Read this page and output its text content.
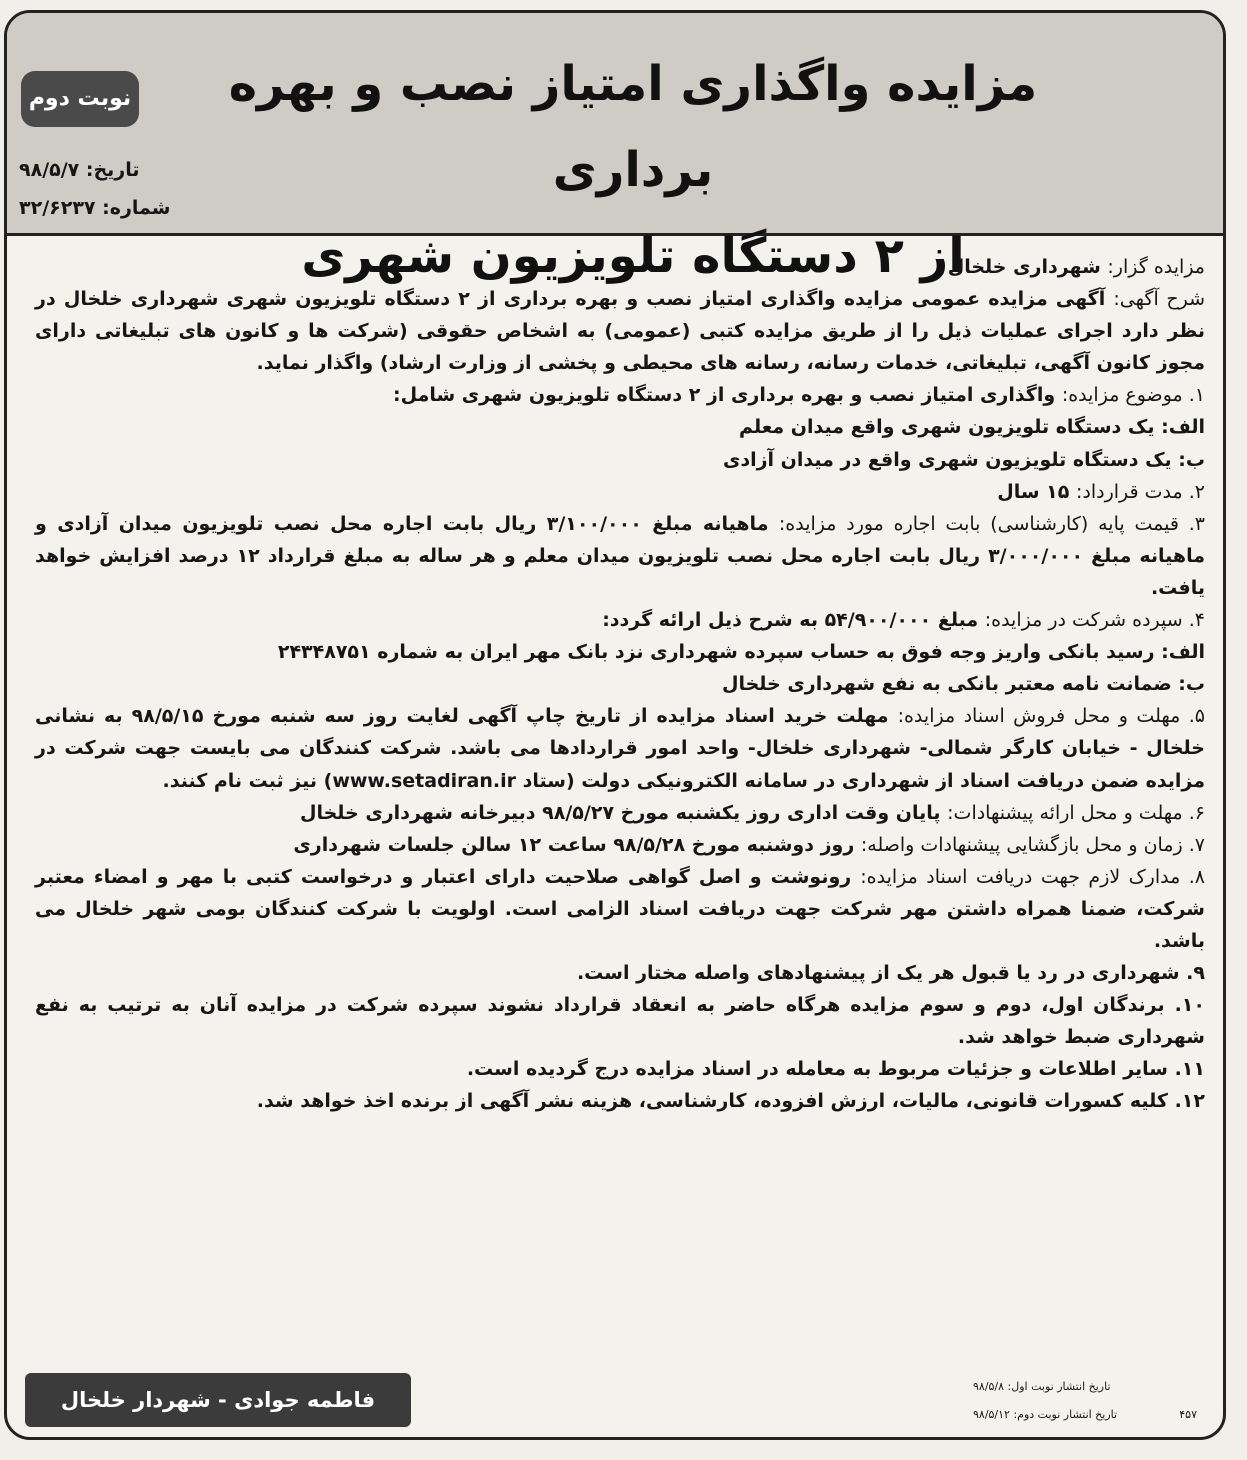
نوبت دوم	مزایده واگذاری امتیاز نصب و بهره برداری
از ۲ دستگاه تلویزیون شهری
تاریخ: ۹۸/۵/۷
شماره: ۳۲/۶۲۳۷

مزایده گزار: شهرداری خلخال

شرح آگهی: آگهی مزایده عمومی مزایده واگذاری امتیاز نصب و بهره برداری از ۲ دستگاه تلویزیون شهری شهرداری خلخال در نظر دارد اجرای عملیات ذیل را از طریق مزایده کتبی (عمومی) به اشخاص حقوقی (شرکت ها و کانون های تبلیغاتی دارای مجوز کانون آگهی، تبلیغاتی، خدمات رسانه، رسانه های محیطی و پخشی از وزارت ارشاد) واگذار نماید.

۱. موضوع مزایده: واگذاری امتیاز نصب و بهره برداری از ۲ دستگاه تلویزیون شهری شامل:

الف: یک دستگاه تلویزیون شهری واقع میدان معلم

ب: یک دستگاه تلویزیون شهری واقع در میدان آزادی

۲. مدت قرارداد: ۱۵ سال

۳. قیمت پایه (کارشناسی) بابت اجاره مورد مزایده: ماهیانه مبلغ ۳/۱۰۰/۰۰۰ ریال بابت اجاره محل نصب تلویزیون میدان آزادی و ماهیانه مبلغ ۳/۰۰۰/۰۰۰ ریال بابت اجاره محل نصب تلویزیون میدان معلم و هر ساله به مبلغ قرارداد ۱۲ درصد افزایش خواهد یافت.

۴. سپرده شرکت در مزایده: مبلغ ۵۴/۹۰۰/۰۰۰ به شرح ذیل ارائه گردد:

الف: رسید بانکی واریز وجه فوق به حساب سپرده شهرداری نزد بانک مهر ایران به شماره ۲۴۳۴۸۷۵۱

ب: ضمانت نامه معتبر بانکی به نفع شهرداری خلخال

۵. مهلت و محل فروش اسناد مزایده: مهلت خرید اسناد مزایده از تاریخ چاپ آگهی لغایت روز سه شنبه مورخ ۹۸/۵/۱۵ به نشانی خلخال - خیابان کارگر شمالی- شهرداری خلخال- واحد امور قراردادها می باشد. شرکت کنندگان می بایست جهت شرکت در مزایده ضمن دریافت اسناد از شهرداری در سامانه الکترونیکی دولت (ستاد www.setadiran.ir) نیز ثبت نام کنند.

۶. مهلت و محل ارائه پیشنهادات: پایان وقت اداری روز یکشنبه مورخ ۹۸/۵/۲۷ دبیرخانه شهرداری خلخال

۷. زمان و محل بازگشایی پیشنهادات واصله: روز دوشنبه مورخ ۹۸/۵/۲۸ ساعت ۱۲ سالن جلسات شهرداری

۸. مدارک لازم جهت دریافت اسناد مزایده: رونوشت و اصل گواهی صلاحیت دارای اعتبار و درخواست کتبی با مهر و امضاء معتبر شرکت، ضمنا همراه داشتن مهر شرکت جهت دریافت اسناد الزامی است. اولویت با شرکت کنندگان بومی شهر خلخال می باشد.

۹. شهرداری در رد یا قبول هر یک از پیشنهادهای واصله مختار است.

۱۰. برندگان اول، دوم و سوم مزایده هرگاه حاضر به انعقاد قرارداد نشوند سپرده شرکت در مزایده آنان به ترتیب به نفع شهرداری ضبط خواهد شد.

۱۱. سایر اطلاعات و جزئیات مربوط به معامله در اسناد مزایده درج گردیده است.

۱۲. کلیه کسورات قانونی، مالیات، ارزش افزوده، کارشناسی، هزینه نشر آگهی از برنده اخذ خواهد شد.

فاطمه جوادی - شهردار خلخال
تاریخ انتشار نوبت اول: ۹۸/۵/۸
تاریخ انتشار نوبت دوم: ۹۸/۵/۱۲	۴۵۷
